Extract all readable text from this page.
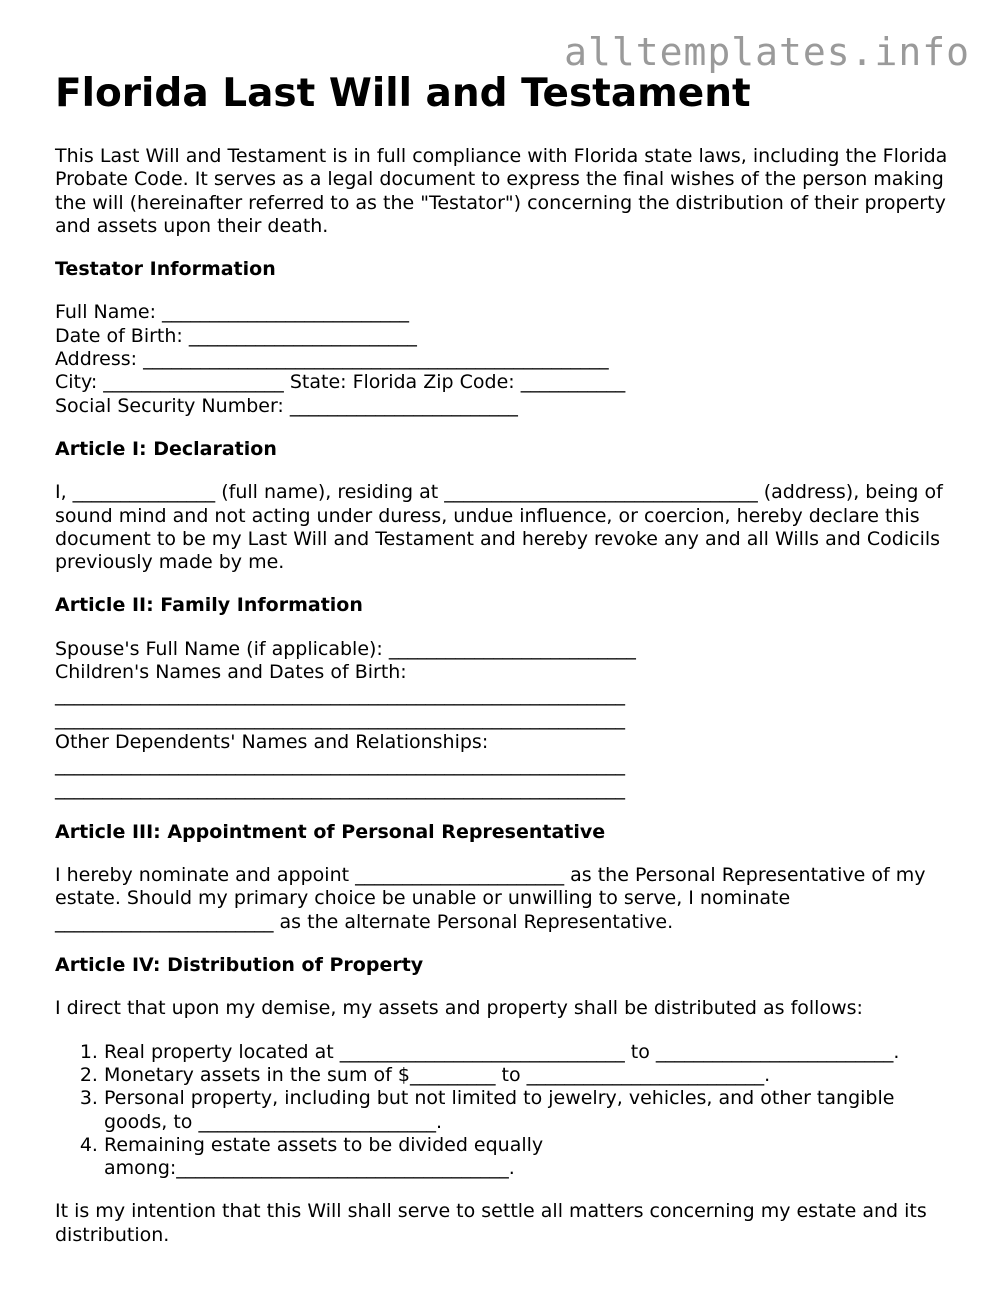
alltemplates.info
Florida Last Will and Testament

This Last Will and Testament is in full compliance with Florida state laws, including the Florida Probate Code. It serves as a legal document to express the final wishes of the person making the will (hereinafter referred to as the "Testator") concerning the distribution of their property and assets upon their death.

Testator Information
Full Name: __________________________
Date of Birth: ________________________
Address: _________________________________________________
City: ___________________ State: Florida Zip Code: ___________
Social Security Number: ________________________
Article I: Declaration

I, _______________ (full name), residing at _________________________________ (address), being of sound mind and not acting under duress, undue influence, or coercion, hereby declare this document to be my Last Will and Testament and hereby revoke any and all Wills and Codicils previously made by me.

Article II: Family Information
Spouse's Full Name (if applicable): __________________________
Children's Names and Dates of Birth:
____________________________________________________________
____________________________________________________________
Other Dependents' Names and Relationships:
____________________________________________________________
____________________________________________________________
Article III: Appointment of Personal Representative

I hereby nominate and appoint ______________________ as the Personal Representative of my estate. Should my primary choice be unable or unwilling to serve, I nominate _______________________ as the alternate Personal Representative.

Article IV: Distribution of Property

I direct that upon my demise, my assets and property shall be distributed as follows:

1. Real property located at ______________________________ to _________________________.
2. Monetary assets in the sum of $_________ to _________________________.
3. Personal property, including but not limited to jewelry, vehicles, and other tangible goods, to _________________________.
4. Remaining estate assets to be divided equally among:___________________________________.

It is my intention that this Will shall serve to settle all matters concerning my estate and its distribution.
